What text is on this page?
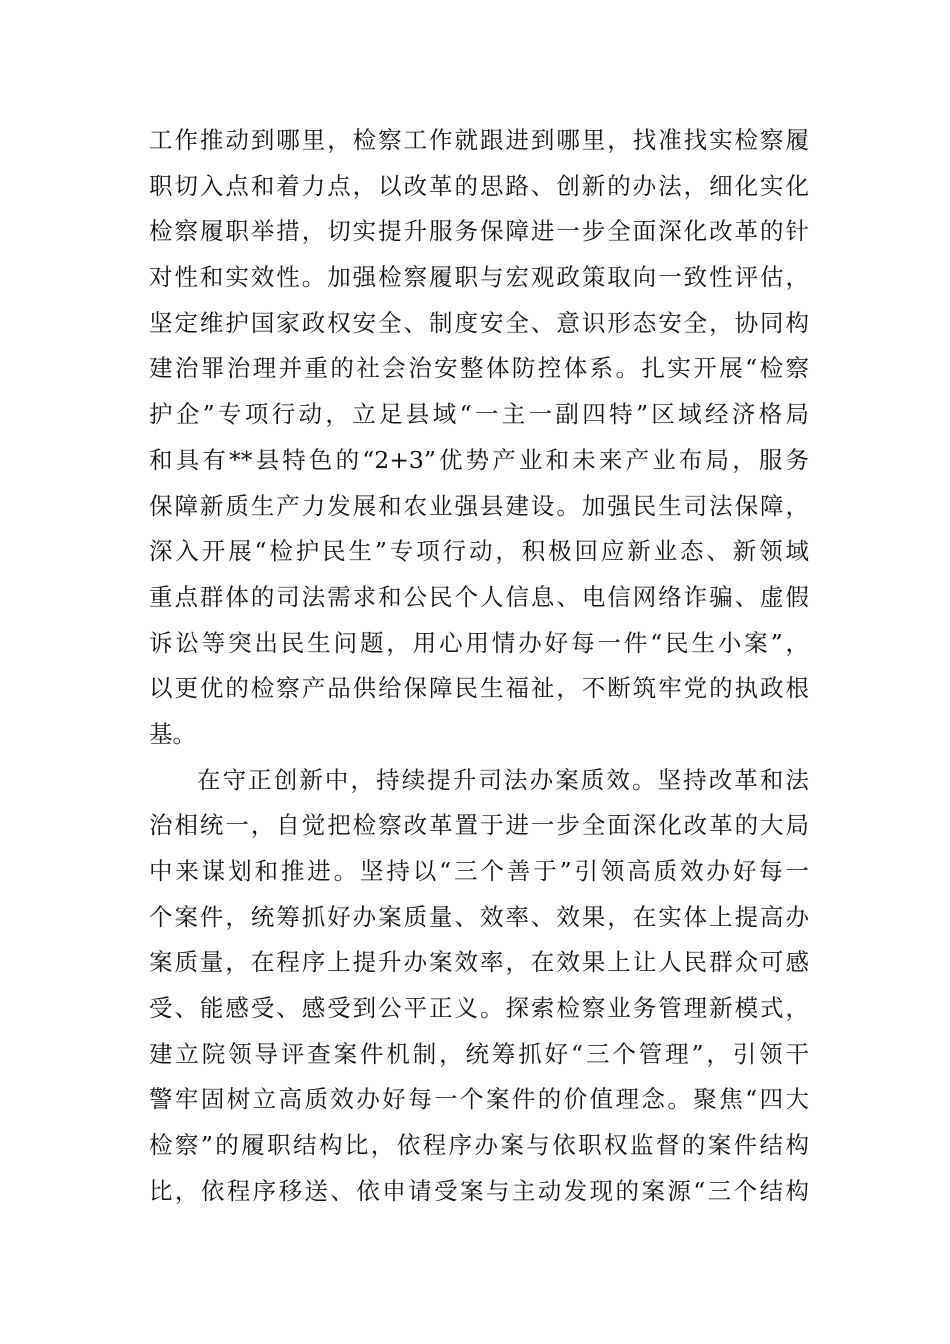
工作推动到哪里，检察工作就跟进到哪里，找准找实检察履
职切入点和着力点，以改革的思路、创新的办法，细化实化
检察履职举措，切实提升服务保障进一步全面深化改革的针
对性和实效性。加强检察履职与宏观政策取向一致性评估，
坚定维护国家政权安全、制度安全、意识形态安全，协同构
建治罪治理并重的社会治安整体防控体系。扎实开展“检察
护企”专项行动，立足县域“一主一副四特”区域经济格局
和具有**县特色的“2+3”优势产业和未来产业布局，服务
保障新质生产力发展和农业强县建设。加强民生司法保障，
深入开展“检护民生”专项行动，积极回应新业态、新领域
重点群体的司法需求和公民个人信息、电信网络诈骗、虚假
诉讼等突出民生问题，用心用情办好每一件“民生小案”，
以更优的检察产品供给保障民生福祉，不断筑牢党的执政根
基。
在守正创新中，持续提升司法办案质效。坚持改革和法
治相统一，自觉把检察改革置于进一步全面深化改革的大局
中来谋划和推进。坚持以“三个善于”引领高质效办好每一
个案件，统筹抓好办案质量、效率、效果，在实体上提高办
案质量，在程序上提升办案效率，在效果上让人民群众可感
受、能感受、感受到公平正义。探索检察业务管理新模式，
建立院领导评查案件机制，统筹抓好“三个管理”，引领干
警牢固树立高质效办好每一个案件的价值理念。聚焦“四大
检察”的履职结构比，依程序办案与依职权监督的案件结构
比，依程序移送、依申请受案与主动发现的案源“三个结构
